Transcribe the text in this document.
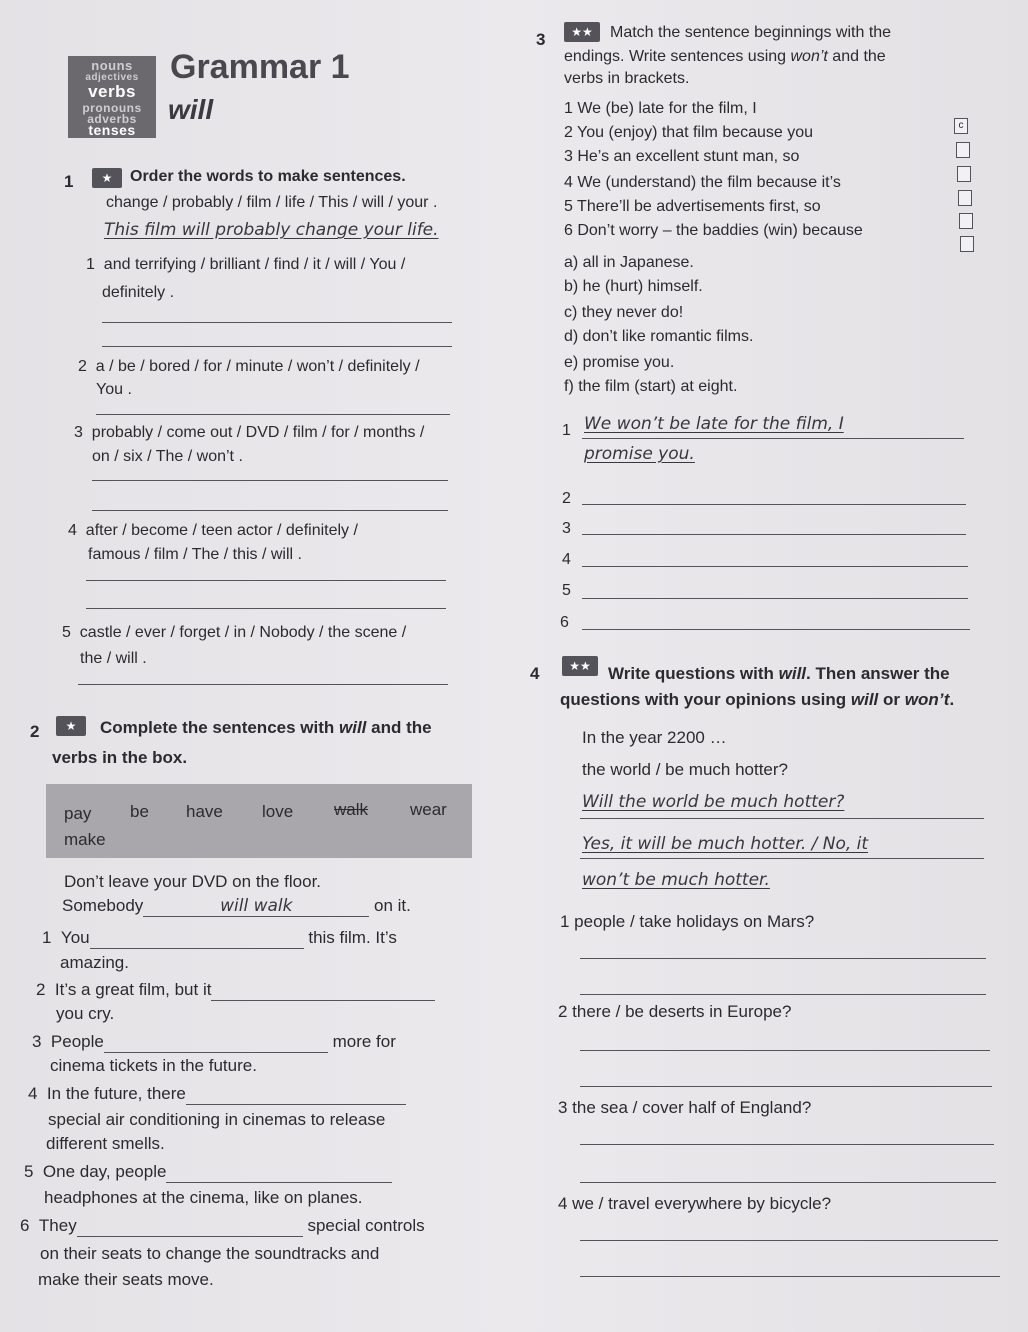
nouns
adjectives
verbs
pronouns
adverbs
tenses
Grammar 1
will
1	★	Order the words to make sentences.
change / probably / film / life / This / will / your .
This film will probably change your life.
1 and terrifying / brilliant / find / it / will / You /
definitely .
2 a / be / bored / for / minute / won’t / definitely /
You .
3 probably / come out / DVD / film / for / months /
on / six / The / won’t .
4 after / become / teen actor / definitely /
famous / film / The / this / will .
5 castle / ever / forget / in / Nobody / the scene /
the / will .
2	★	Complete the sentences with will and the
verbs in the box.
pay be have love walk wear
make
Don’t leave your DVD on the floor.
Somebody	will walk	on it.
1 You	this film. It’s
amazing.
2 It’s a great film, but it
you cry.
3 People	more for
cinema tickets in the future.
4 In the future, there
special air conditioning in cinemas to release
different smells.
5 One day, people
headphones at the cinema, like on planes.
6 They	special controls
on their seats to change the soundtracks and
make their seats move.
3	★★	Match the sentence beginnings with the
endings. Write sentences using won’t and the
verbs in brackets.
1 We (be) late for the film, I
2 You (enjoy) that film because you
3 He’s an excellent stunt man, so
4 We (understand) the film because it’s
5 There’ll be advertisements first, so
6 Don’t worry – the baddies (win) because
c
a) all in Japanese.
b) he (hurt) himself.
c) they never do!
d) don’t like romantic films.
e) promise you.
f) the film (start) at eight.
1 We won’t be late for the film, I
promise you.
2
3
4
5
6
4	★★	Write questions with will. Then answer the
questions with your opinions using will or won’t.
In the year 2200 …
the world / be much hotter?
Will the world be much hotter?
Yes, it will be much hotter. / No, it
won’t be much hotter.
1 people / take holidays on Mars?
2 there / be deserts in Europe?
3 the sea / cover half of England?
4 we / travel everywhere by bicycle?
